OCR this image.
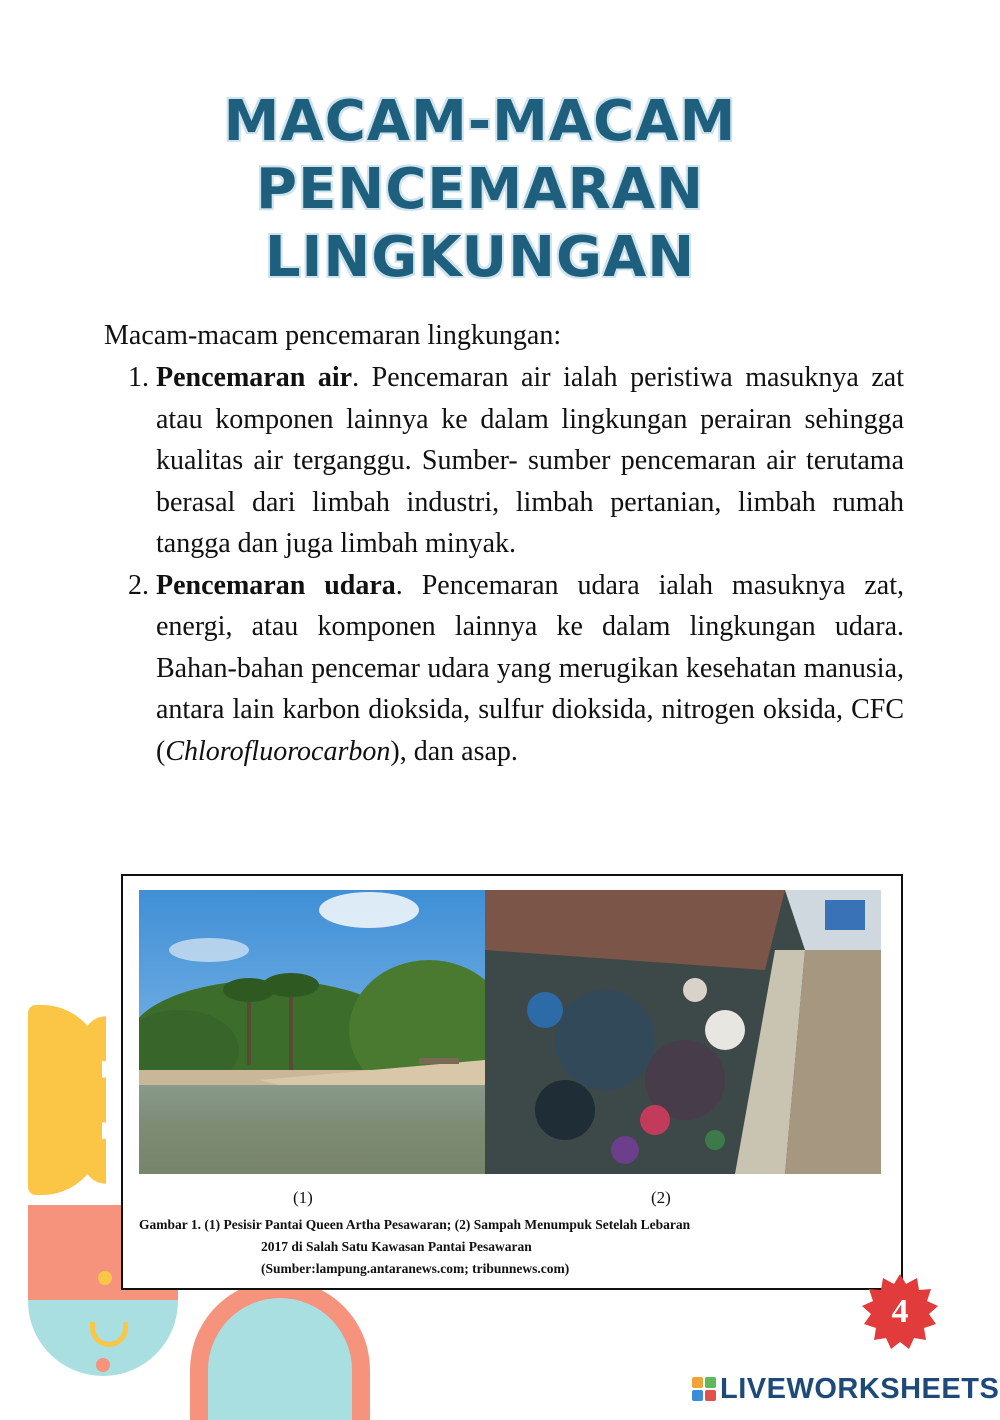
MACAM-MACAM
PENCEMARAN
LINGKUNGAN
Macam-macam pencemaran lingkungan:
1. Pencemaran air. Pencemaran air ialah peristiwa masuknya zat atau komponen lainnya ke dalam lingkungan perairan sehingga kualitas air terganggu. Sumber- sumber pencemaran air terutama berasal dari limbah industri, limbah pertanian, limbah rumah tangga dan juga limbah minyak.
2. Pencemaran udara. Pencemaran udara ialah masuknya zat, energi, atau komponen lainnya ke dalam lingkungan udara. Bahan-bahan pencemar udara yang merugikan kesehatan manusia, antara lain karbon dioksida, sulfur dioksida, nitrogen oksida, CFC (Chlorofluorocarbon), dan asap.
(1)	(2)
Gambar 1. (1) Pesisir Pantai Queen Artha Pesawaran; (2) Sampah Menumpuk Setelah Lebaran
2017 di Salah Satu Kawasan Pantai Pesawaran
(Sumber:lampung.antaranews.com; tribunnews.com)
4
LIVEWORKSHEETS
